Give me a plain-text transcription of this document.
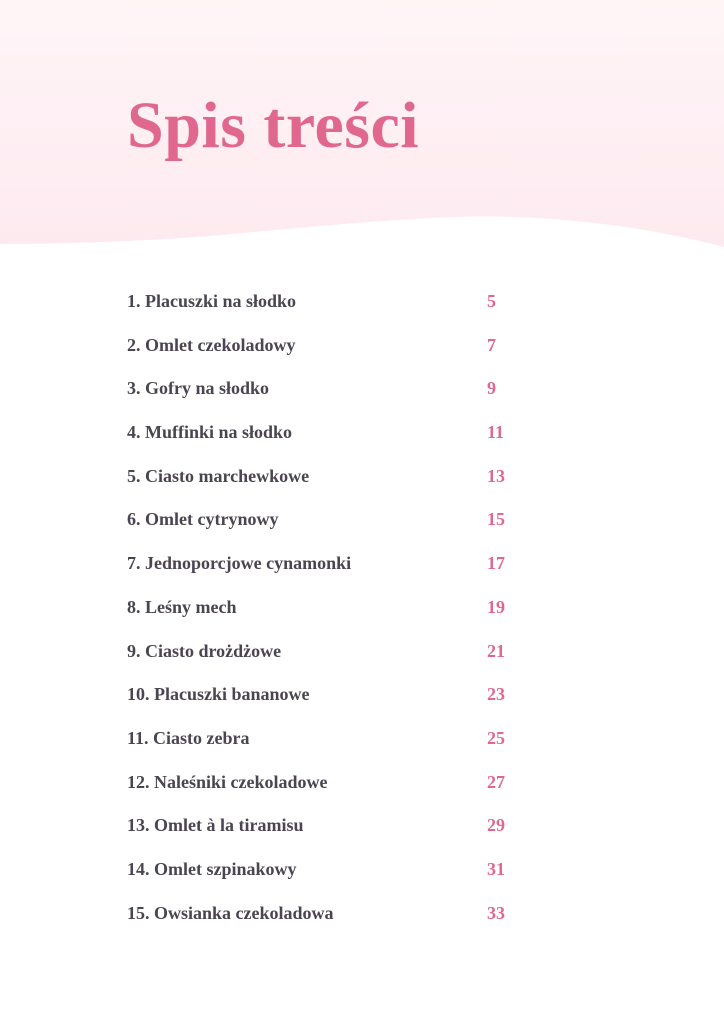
Spis treści
1. Placuszki na słodko	5
2. Omlet czekoladowy	7
3. Gofry na słodko	9
4. Muffinki na słodko	11
5. Ciasto marchewkowe	13
6. Omlet cytrynowy	15
7. Jednoporcjowe cynamonki	17
8. Leśny mech	19
9. Ciasto drożdżowe	21
10. Placuszki bananowe	23
11. Ciasto zebra	25
12. Naleśniki czekoladowe	27
13. Omlet à la tiramisu	29
14. Omlet szpinakowy	31
15. Owsianka czekoladowa	33
